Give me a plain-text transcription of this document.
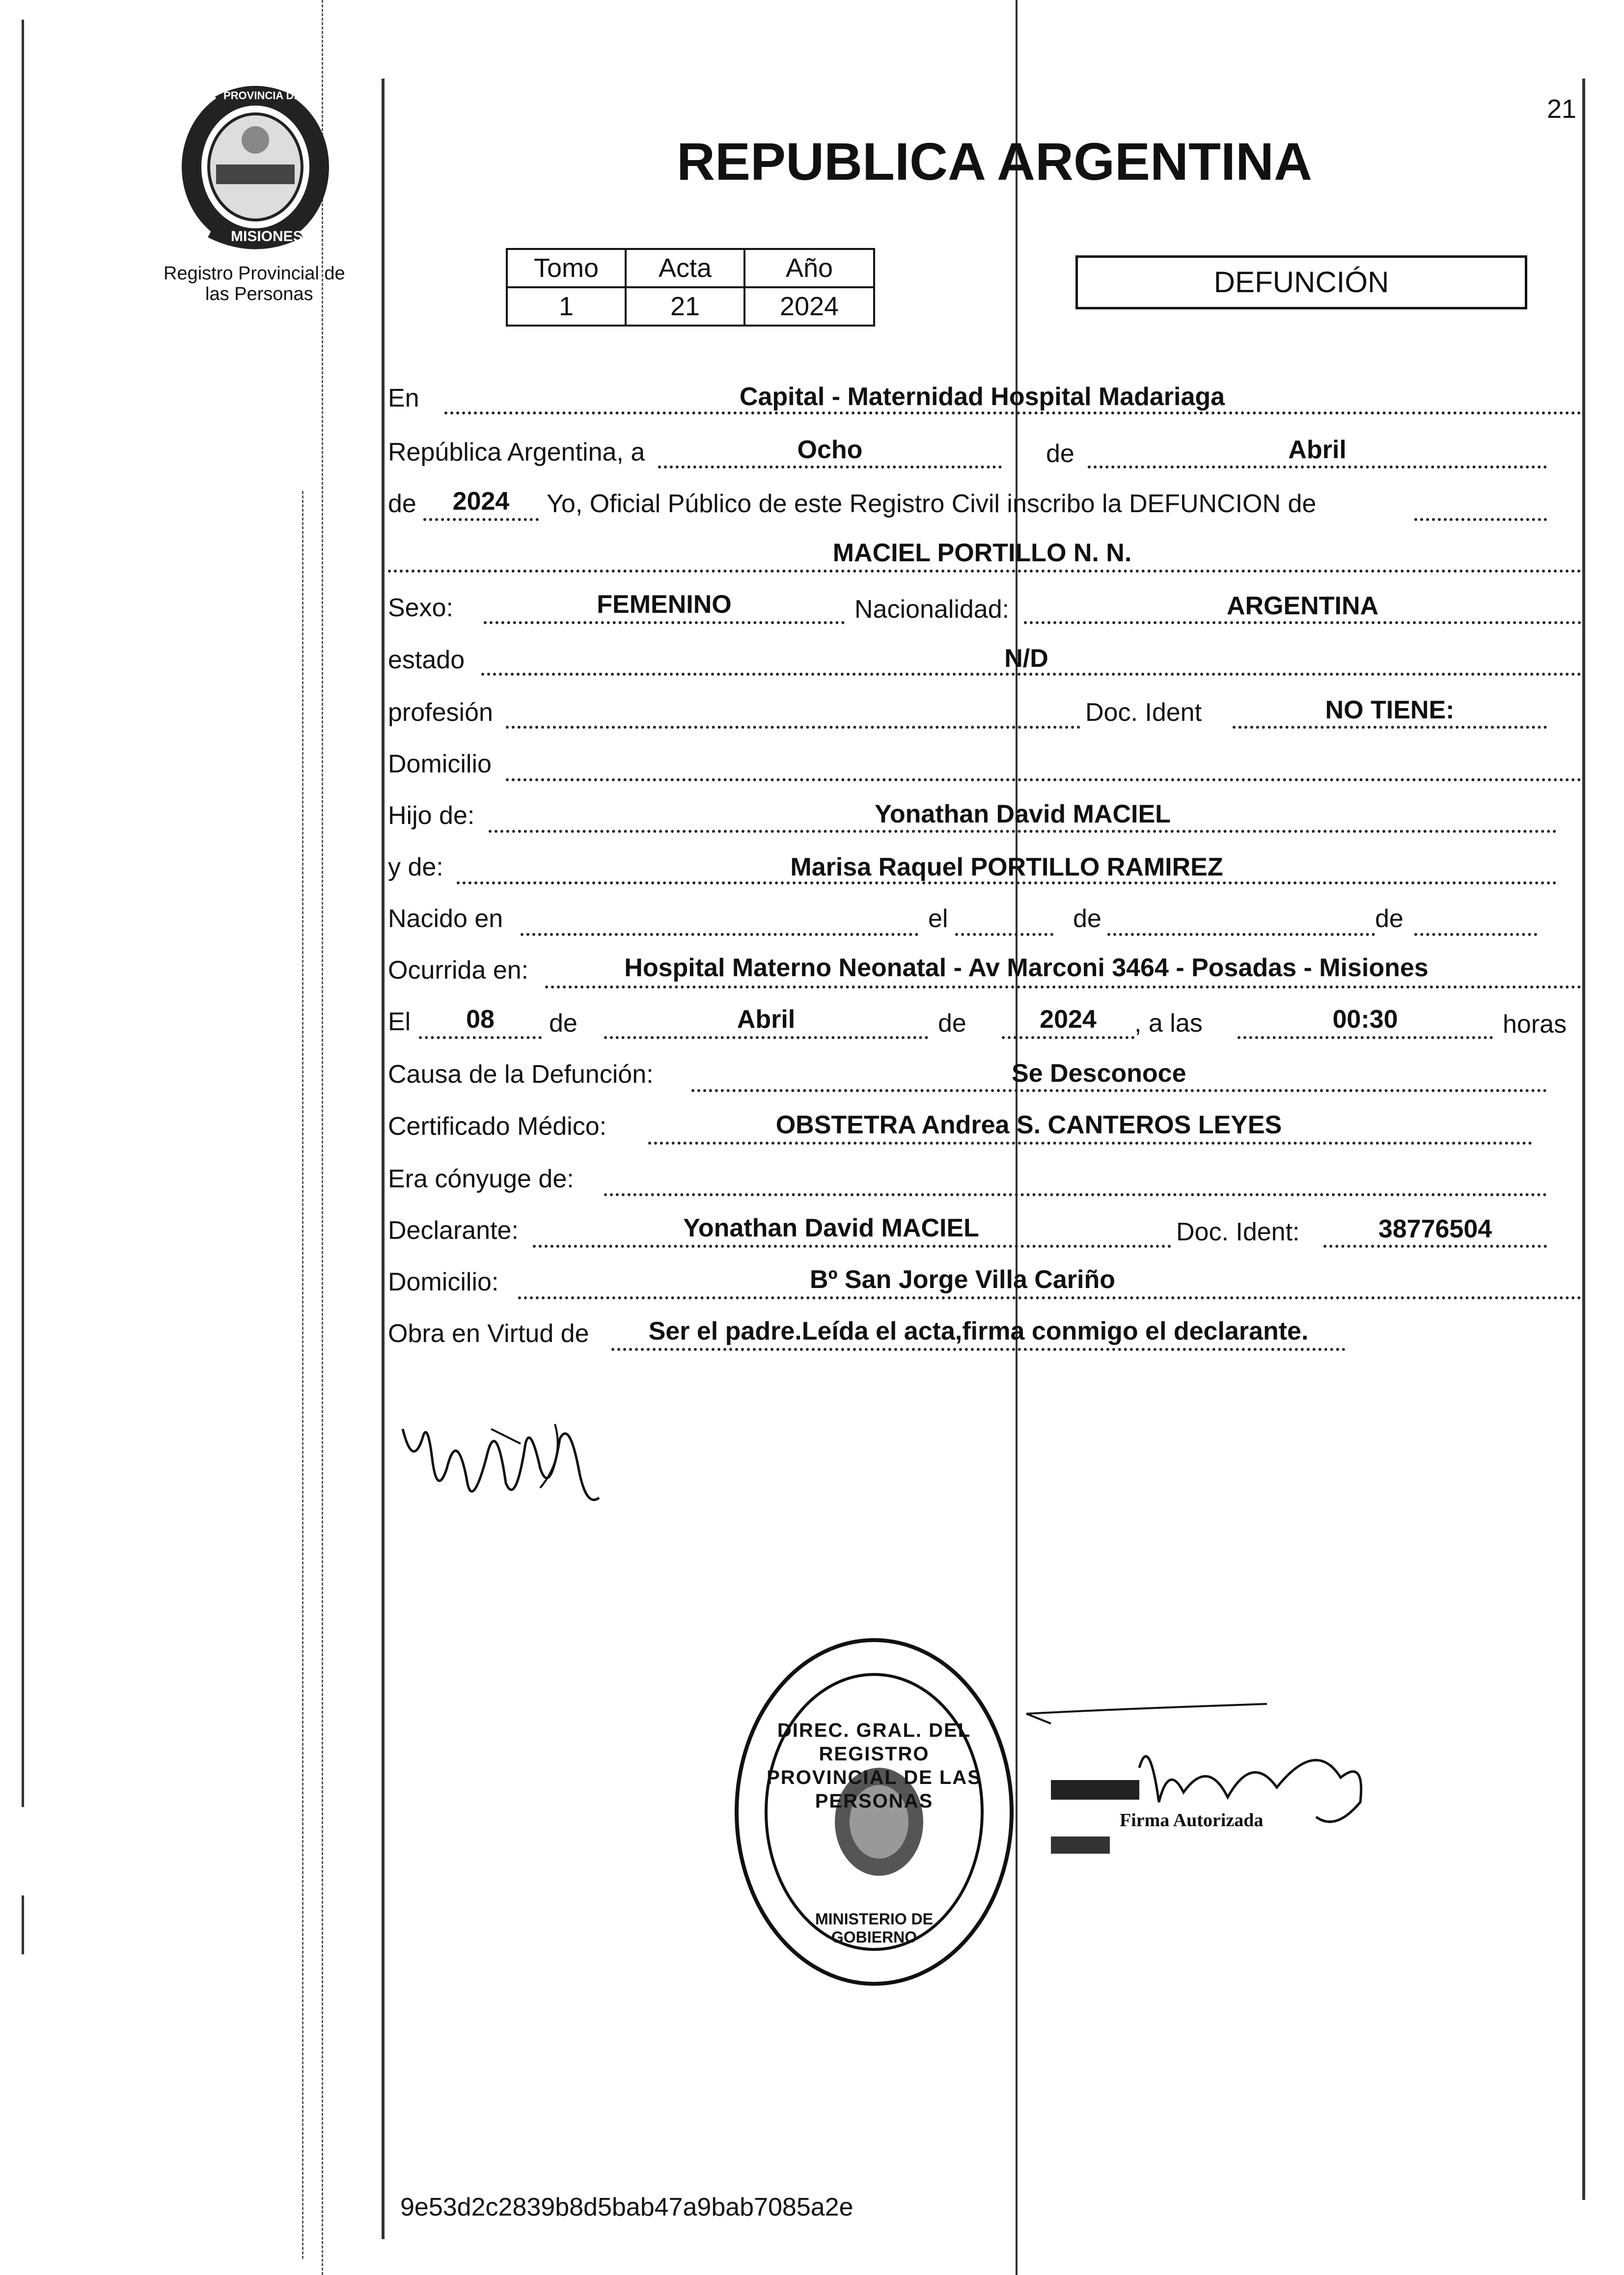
21
PROVINCIA DE
MISIONES
Registro Provincial de
las Personas
REPUBLICA ARGENTINA
Tomo	Acta	Año
1	21	2024
DEFUNCIÓN
En	Capital - Maternidad Hospital Madariaga
República Argentina, a	Ocho	de	Abril
de	2024	Yo, Oficial Público de este Registro Civil inscribo la DEFUNCION de
MACIEL PORTILLO N. N.
Sexo:	FEMENINO	Nacionalidad:	ARGENTINA
estado	N/D
profesión	Doc. Ident	NO TIENE:
Domicilio
Hijo de:	Yonathan David MACIEL
y de:	Marisa Raquel PORTILLO RAMIREZ
Nacido en	el	de	de
Ocurrida en:	Hospital Materno Neonatal - Av Marconi 3464 - Posadas - Misiones
El	08	de	Abril	de	2024	, a las	00:30	horas
Causa de la Defunción:	Se Desconoce
Certificado Médico:	OBSTETRA Andrea S. CANTEROS LEYES
Era cónyuge de:
Declarante:	Yonathan David MACIEL	Doc. Ident:	38776504
Domicilio:	Bº San Jorge Villa Cariño
Obra en Virtud de	Ser el padre.Leída el acta,firma conmigo el declarante.
DIREC. GRAL. DEL REGISTRO PROVINCIAL DE LAS PERSONAS
MINISTERIO DE GOBIERNO
Firma Autorizada
9e53d2c2839b8d5bab47a9bab7085a2e
